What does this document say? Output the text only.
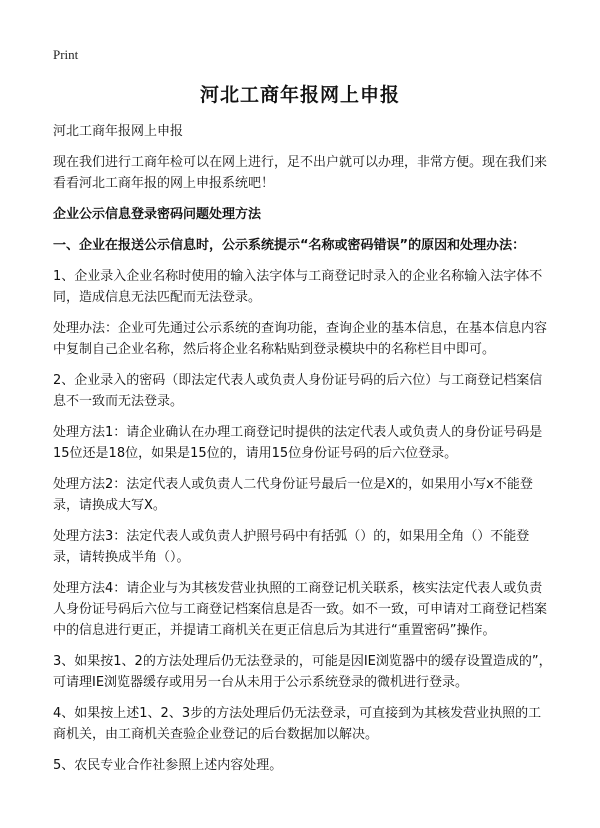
Print
河北工商年报网上申报

河北工商年报网上申报

现在我们进行工商年检可以在网上进行，足不出户就可以办理，非常方便。现在我们来看看河北工商年报的网上申报系统吧！

企业公示信息登录密码问题处理方法

一、企业在报送公示信息时，公示系统提示“名称或密码错误”的原因和处理办法：

1、企业录入企业名称时使用的输入法字体与工商登记时录入的企业名称输入法字体不同，造成信息无法匹配而无法登录。

处理办法：企业可先通过公示系统的查询功能，查询企业的基本信息，在基本信息内容中复制自己企业名称，然后将企业名称粘贴到登录模块中的名称栏目中即可。

2、企业录入的密码（即法定代表人或负责人身份证号码的后六位）与工商登记档案信息不一致而无法登录。

处理方法1：请企业确认在办理工商登记时提供的法定代表人或负责人的身份证号码是15位还是18位，如果是15位的，请用15位身份证号码的后六位登录。

处理方法2：法定代表人或负责人二代身份证号最后一位是X的，如果用小写x不能登录，请换成大写X。

处理方法3：法定代表人或负责人护照号码中有括弧（）的，如果用全角（）不能登录，请转换成半角（）。

处理方法4：请企业与为其核发营业执照的工商登记机关联系，核实法定代表人或负责人身份证号码后六位与工商登记档案信息是否一致。如不一致，可申请对工商登记档案中的信息进行更正，并提请工商机关在更正信息后为其进行“重置密码”操作。

3、如果按1、2的方法处理后仍无法登录的，可能是因IE浏览器中的缓存设置造成的”，可请理IE浏览器缓存或用另一台从未用于公示系统登录的微机进行登录。

4、如果按上述1、2、3步的方法处理后仍无法登录，可直接到为其核发营业执照的工商机关，由工商机关查验企业登记的后台数据加以解决。

5、农民专业合作社参照上述内容处理。
